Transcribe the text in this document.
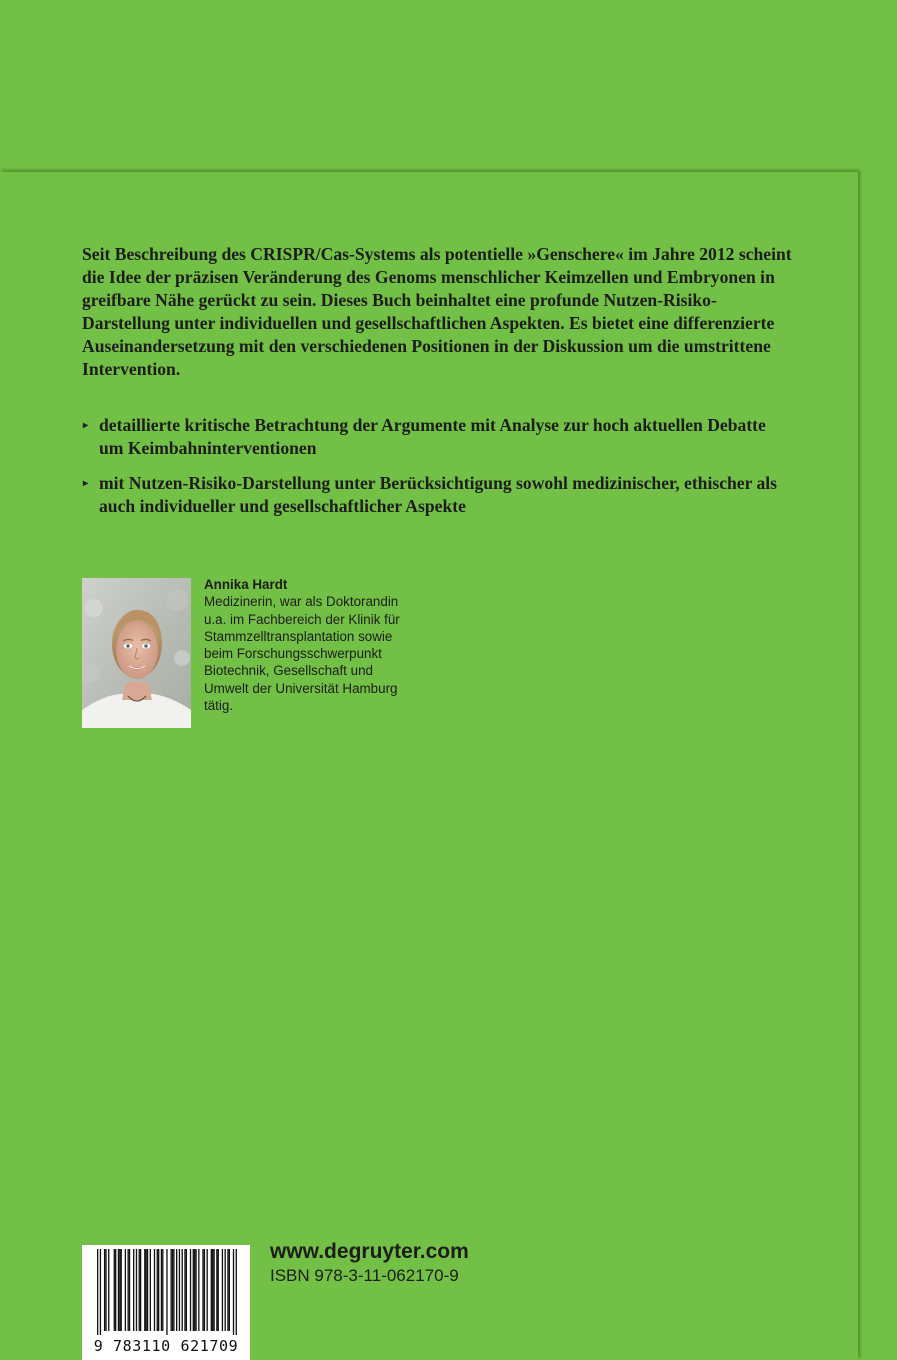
Seit Beschreibung des CRISPR/Cas-Systems als potentielle »Genschere« im Jahre 2012 scheint die Idee der präzisen Veränderung des Genoms menschlicher Keimzellen und Embryonen in greifbare Nähe gerückt zu sein. Dieses Buch beinhaltet eine profunde Nutzen-Risiko-Darstellung unter individuellen und gesellschaftlichen Aspekten. Es bietet eine differenzierte Auseinandersetzung mit den verschiedenen Positionen in der Diskussion um die umstrittene Intervention.

▸ detaillierte kritische Betrachtung der Argumente mit Analyse zur hoch aktuellen Debatte um Keimbahninterventionen
▸ mit Nutzen-Risiko-Darstellung unter Berücksichtigung sowohl medizinischer, ethischer als auch individueller und gesellschaftlicher Aspekte
Annika Hardt
Medizinerin, war als Doktorandin
u.a. im Fachbereich der Klinik für
Stammzelltransplantation sowie
beim Forschungsschwerpunkt
Biotechnik, Gesellschaft und
Umwelt der Universität Hamburg
tätig.
9 783110 621709
www.degruyter.com
ISBN 978-3-11-062170-9
